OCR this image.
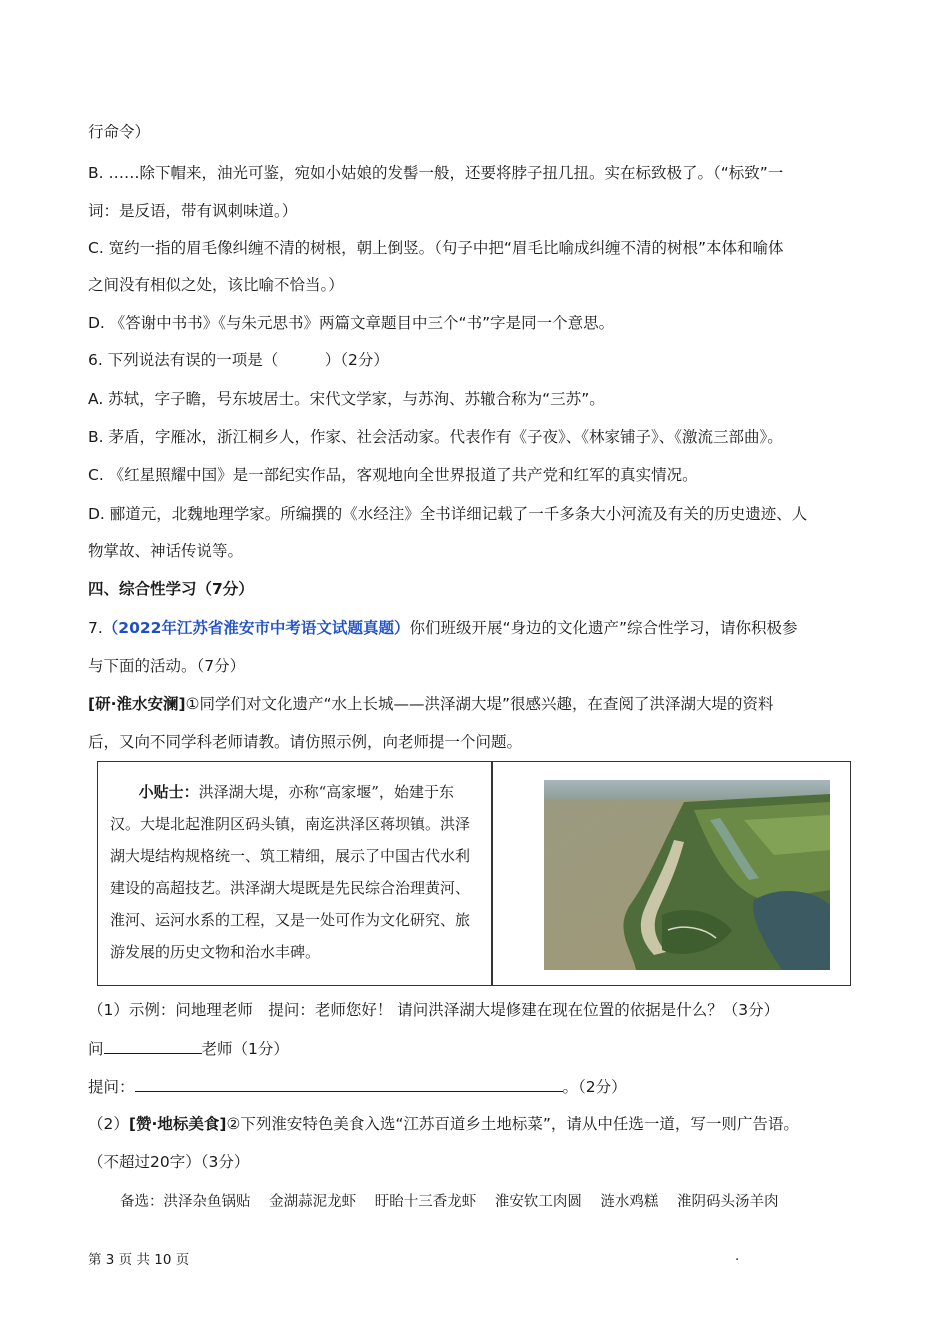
行命令）
B. ……除下帽来，油光可鉴，宛如小姑娘的发髻一般，还要将脖子扭几扭。实在标致极了。（“标致”一
词：是反语，带有讽刺味道。）
C. 宽约一指的眉毛像纠缠不清的树根，朝上倒竖。（句子中把“眉毛比喻成纠缠不清的树根”本体和喻体
之间没有相似之处，该比喻不恰当。）
D. 《答谢中书书》《与朱元思书》两篇文章题目中三个“书”字是同一个意思。
6. 下列说法有误的一项是（　　　）（2分）
A. 苏轼，字子瞻，号东坡居士。宋代文学家，与苏洵、苏辙合称为“三苏”。
B. 茅盾，字雁冰，浙江桐乡人，作家、社会活动家。代表作有《子夜》、《林家铺子》、《激流三部曲》。
C. 《红星照耀中国》是一部纪实作品，客观地向全世界报道了共产党和红军的真实情况。
D. 郦道元，北魏地理学家。所编撰的《水经注》全书详细记载了一千多条大小河流及有关的历史遗迹、人
物掌故、神话传说等。
四、综合性学习（7分）
7.（2022年江苏省淮安市中考语文试题真题）你们班级开展“身边的文化遗产”综合性学习，请你积极参
与下面的活动。（7分）
[研·淮水安澜]①同学们对文化遗产“水上长城——洪泽湖大堤”很感兴趣，在查阅了洪泽湖大堤的资料
后，又向不同学科老师请教。请仿照示例，向老师提一个问题。

小贴士：洪泽湖大堤，亦称“高家堰”，始建于东

汉。大堤北起淮阴区码头镇，南迄洪泽区蒋坝镇。洪泽

湖大堤结构规格统一、筑工精细，展示了中国古代水利

建设的高超技艺。洪泽湖大堤既是先民综合治理黄河、

淮河、运河水系的工程，又是一处可作为文化研究、旅

游发展的历史文物和治水丰碑。

（1）示例：问地理老师　提问：老师您好！ 请问洪泽湖大堤修建在现在位置的依据是什么？（3分）
问	老师（1分）
提问：	。（2分）
（2）[赞·地标美食]②下列淮安特色美食入选“江苏百道乡土地标菜”，请从中任选一道，写一则广告语。
（不超过20字）（3分）
备选：洪泽杂鱼锅贴 金湖蒜泥龙虾 盱眙十三香龙虾 淮安钦工肉圆 涟水鸡糕 淮阴码头汤羊肉
第 3 页 共 10 页	.
